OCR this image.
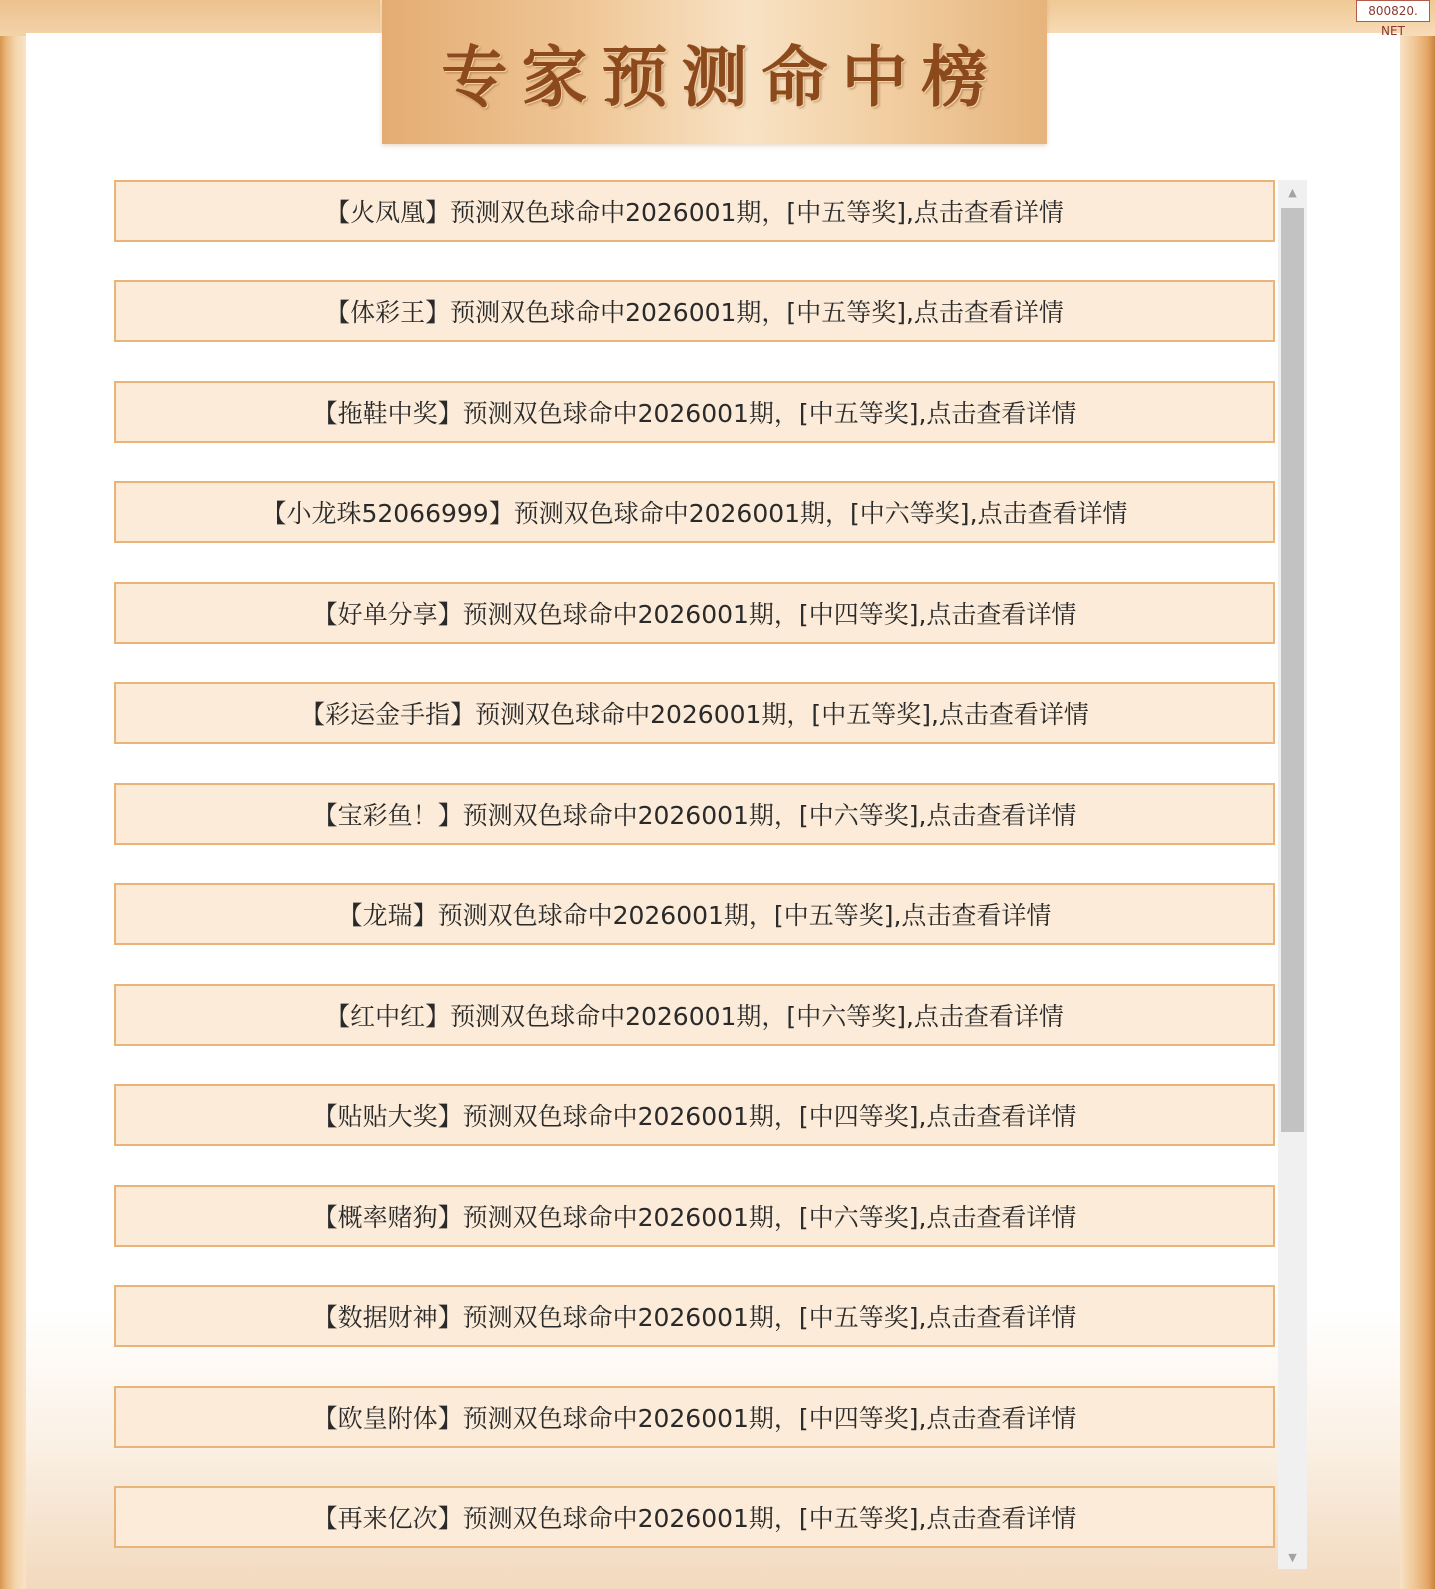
专家预测命中榜
800820. NET
【火凤凰】预测双色球命中2026001期，[中五等奖],点击查看详情
【体彩王】预测双色球命中2026001期，[中五等奖],点击查看详情
【拖鞋中奖】预测双色球命中2026001期，[中五等奖],点击查看详情
【小龙珠52066999】预测双色球命中2026001期，[中六等奖],点击查看详情
【好单分享】预测双色球命中2026001期，[中四等奖],点击查看详情
【彩运金手指】预测双色球命中2026001期，[中五等奖],点击查看详情
【宝彩鱼！】预测双色球命中2026001期，[中六等奖],点击查看详情
【龙瑞】预测双色球命中2026001期，[中五等奖],点击查看详情
【红中红】预测双色球命中2026001期，[中六等奖],点击查看详情
【贴贴大奖】预测双色球命中2026001期，[中四等奖],点击查看详情
【概率赌狗】预测双色球命中2026001期，[中六等奖],点击查看详情
【数据财神】预测双色球命中2026001期，[中五等奖],点击查看详情
【欧皇附体】预测双色球命中2026001期，[中四等奖],点击查看详情
【再来亿次】预测双色球命中2026001期，[中五等奖],点击查看详情
▲
▼
